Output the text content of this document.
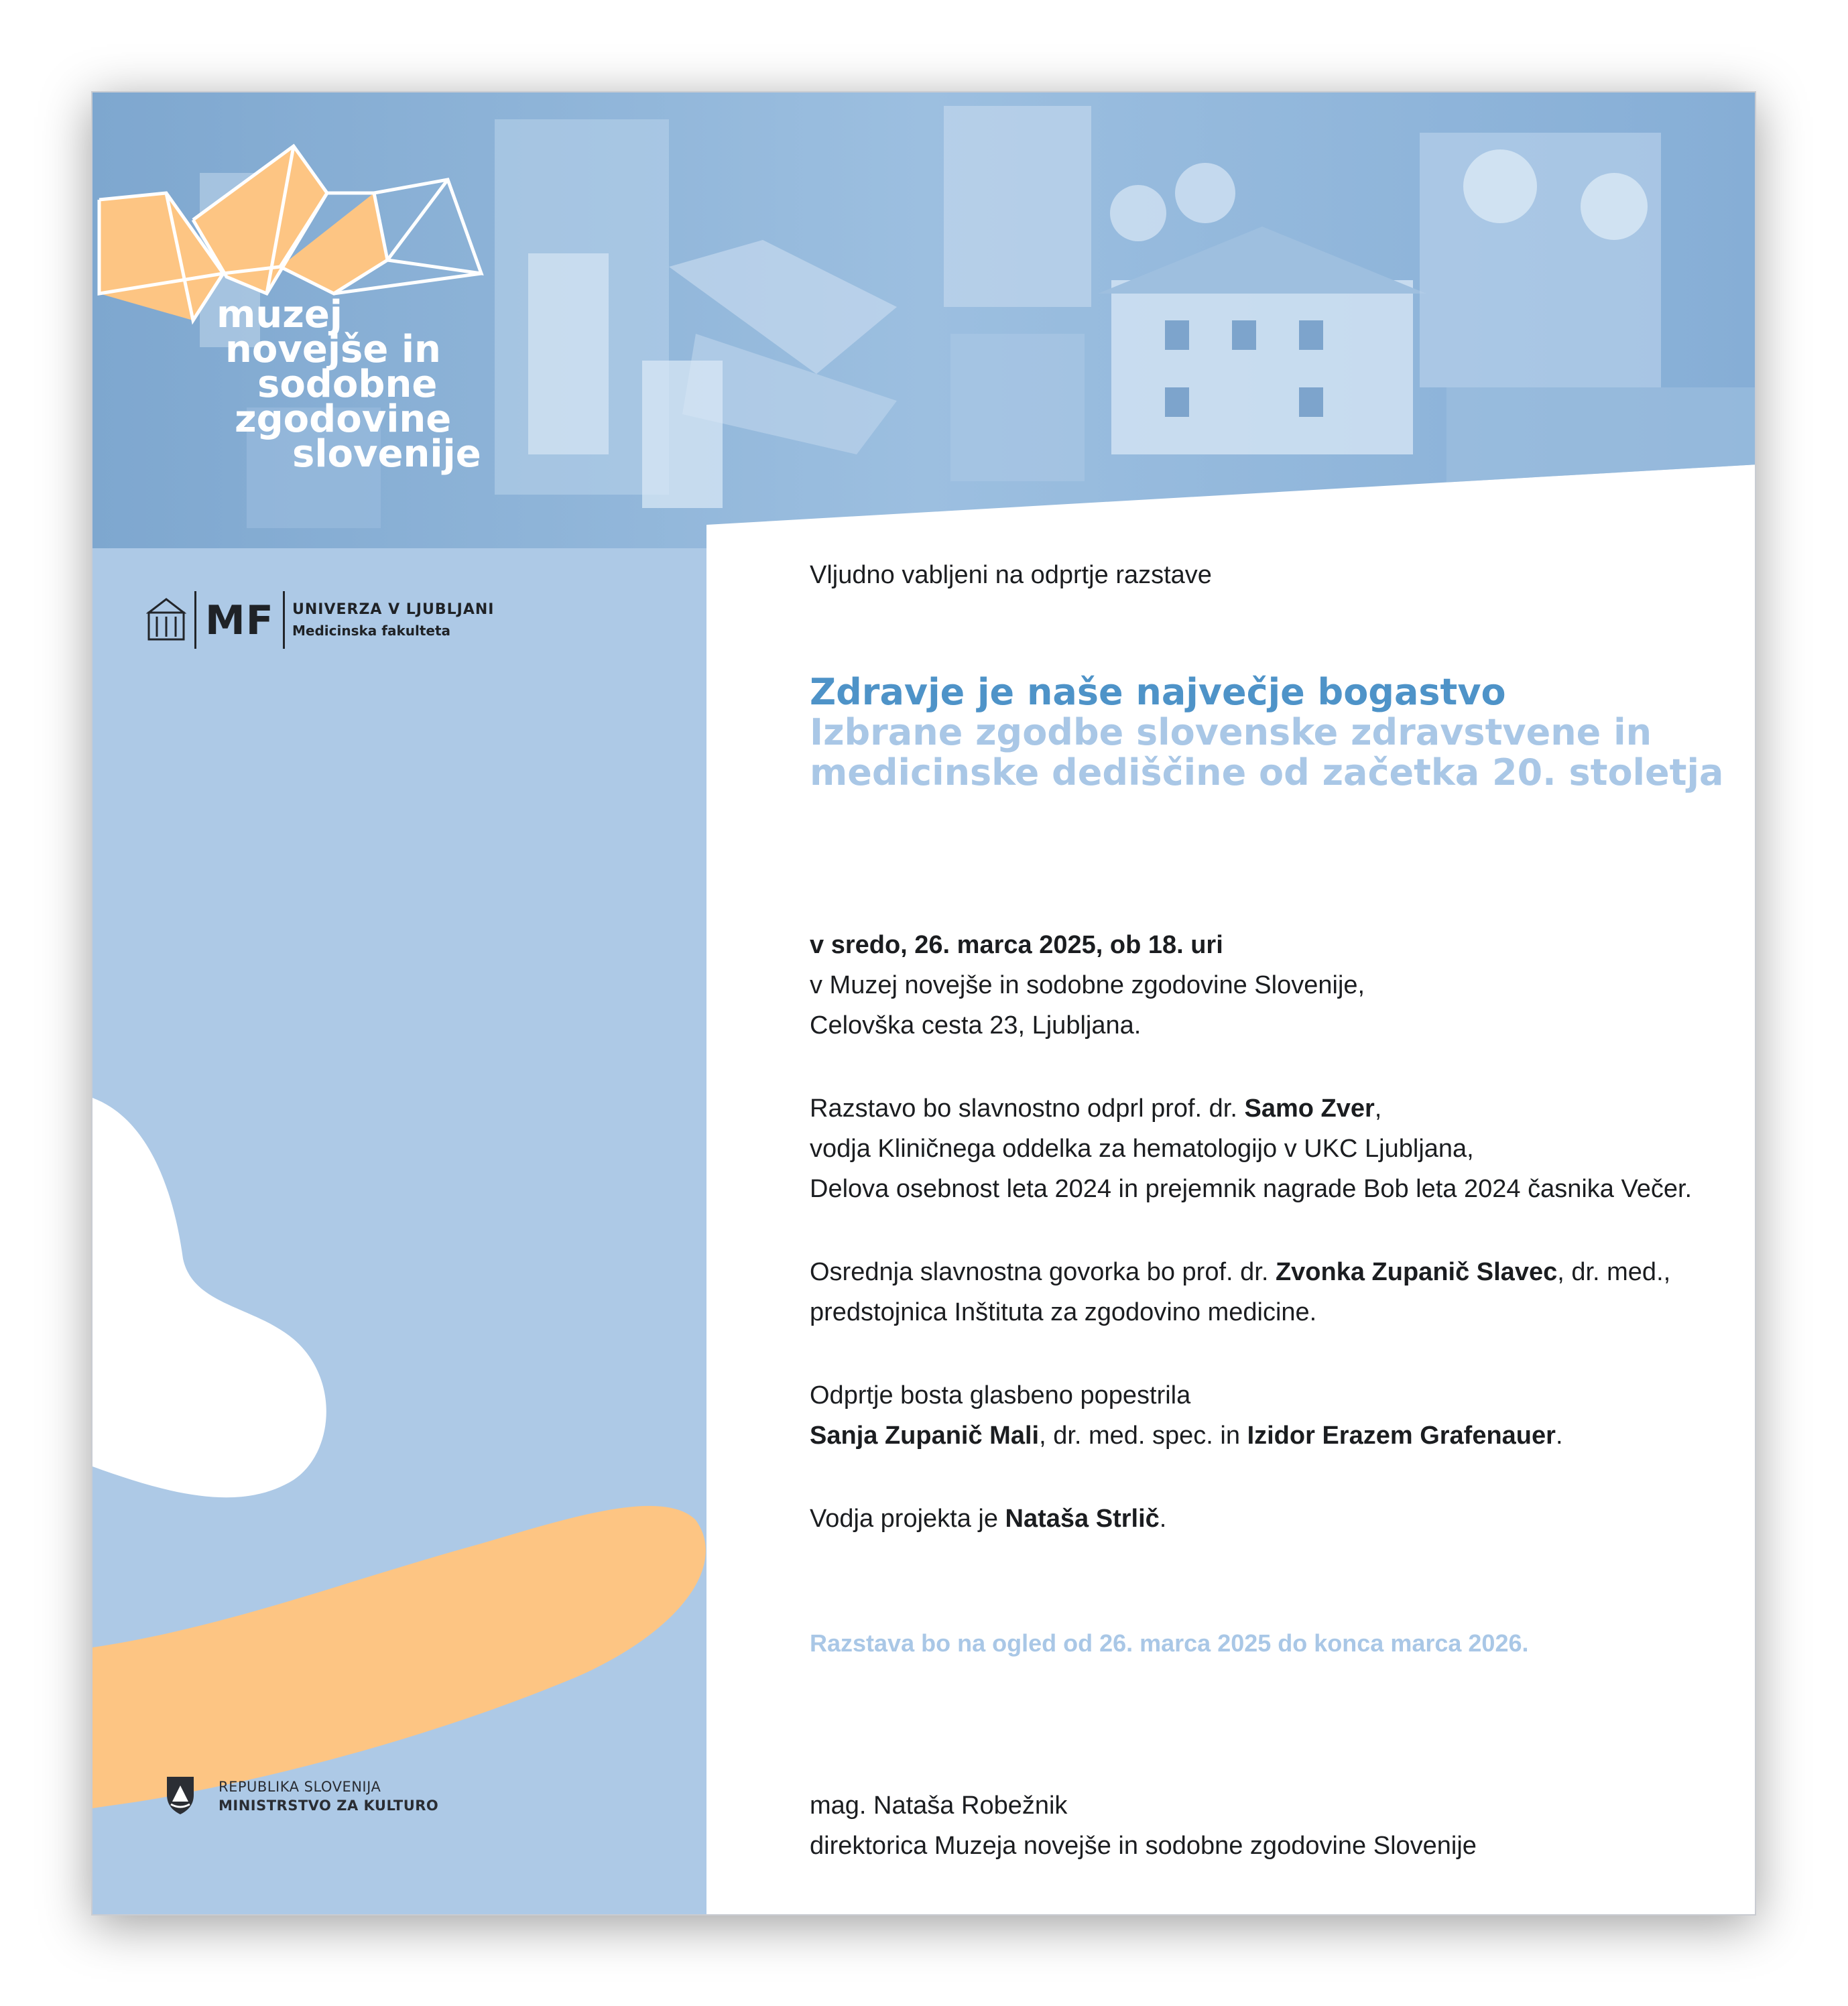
muzej
novejše in
sodobne
zgodovine
slovenije
MF UNIVERZA V LJUBLJANI
Medicinska fakulteta
REPUBLIKA SLOVENIJA
MINISTRSTVO ZA KULTURO
Vljudno vabljeni na odprtje razstave
Zdravje je naše največje bogastvo
Izbrane zgodbe slovenske zdravstvene in
medicinske dediščine od začetka 20. stoletja
v sredo, 26. marca 2025, ob 18. uri
v Muzej novejše in sodobne zgodovine Slovenije,
Celovška cesta 23, Ljubljana.
Razstavo bo slavnostno odprl prof. dr. Samo Zver,
vodja Kliničnega oddelka za hematologijo v UKC Ljubljana,
Delova osebnost leta 2024 in prejemnik nagrade Bob leta 2024 časnika Večer.
Osrednja slavnostna govorka bo prof. dr. Zvonka Zupanič Slavec, dr. med.,
predstojnica Inštituta za zgodovino medicine.
Odprtje bosta glasbeno popestrila
Sanja Zupanič Mali, dr. med. spec. in Izidor Erazem Grafenauer.
Vodja projekta je Nataša Strlič.
Razstava bo na ogled od 26. marca 2025 do konca marca 2026.
mag. Nataša Robežnik
direktorica Muzeja novejše in sodobne zgodovine Slovenije
